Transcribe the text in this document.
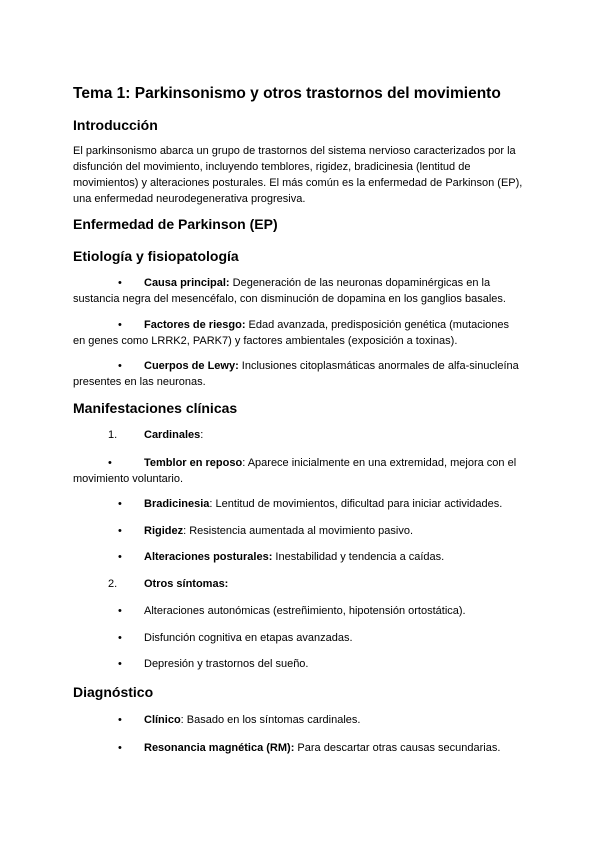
Tema 1: Parkinsonismo y otros trastornos del movimiento
Introducción
El parkinsonismo abarca un grupo de trastornos del sistema nervioso caracterizados por la
disfunción del movimiento, incluyendo temblores, rigidez, bradicinesia (lentitud de
movimientos) y alteraciones posturales. El más común es la enfermedad de Parkinson (EP),
una enfermedad neurodegenerativa progresiva.
Enfermedad de Parkinson (EP)
Etiología y fisiopatología
• Causa principal: Degeneración de las neuronas dopaminérgicas en la
sustancia negra del mesencéfalo, con disminución de dopamina en los ganglios basales.
• Factores de riesgo: Edad avanzada, predisposición genética (mutaciones
en genes como LRRK2, PARK7) y factores ambientales (exposición a toxinas).
• Cuerpos de Lewy: Inclusiones citoplasmáticas anormales de alfa-sinucleína
presentes en las neuronas.
Manifestaciones clínicas
1. Cardinales:
•	Temblor en reposo: Aparece inicialmente en una extremidad, mejora con el
movimiento voluntario.
• Bradicinesia: Lentitud de movimientos, dificultad para iniciar actividades.
• Rigidez: Resistencia aumentada al movimiento pasivo.
• Alteraciones posturales: Inestabilidad y tendencia a caídas.
2. Otros síntomas:
• Alteraciones autonómicas (estreñimiento, hipotensión ortostática).
• Disfunción cognitiva en etapas avanzadas.
• Depresión y trastornos del sueño.
Diagnóstico
• Clínico: Basado en los síntomas cardinales.
• Resonancia magnética (RM): Para descartar otras causas secundarias.
